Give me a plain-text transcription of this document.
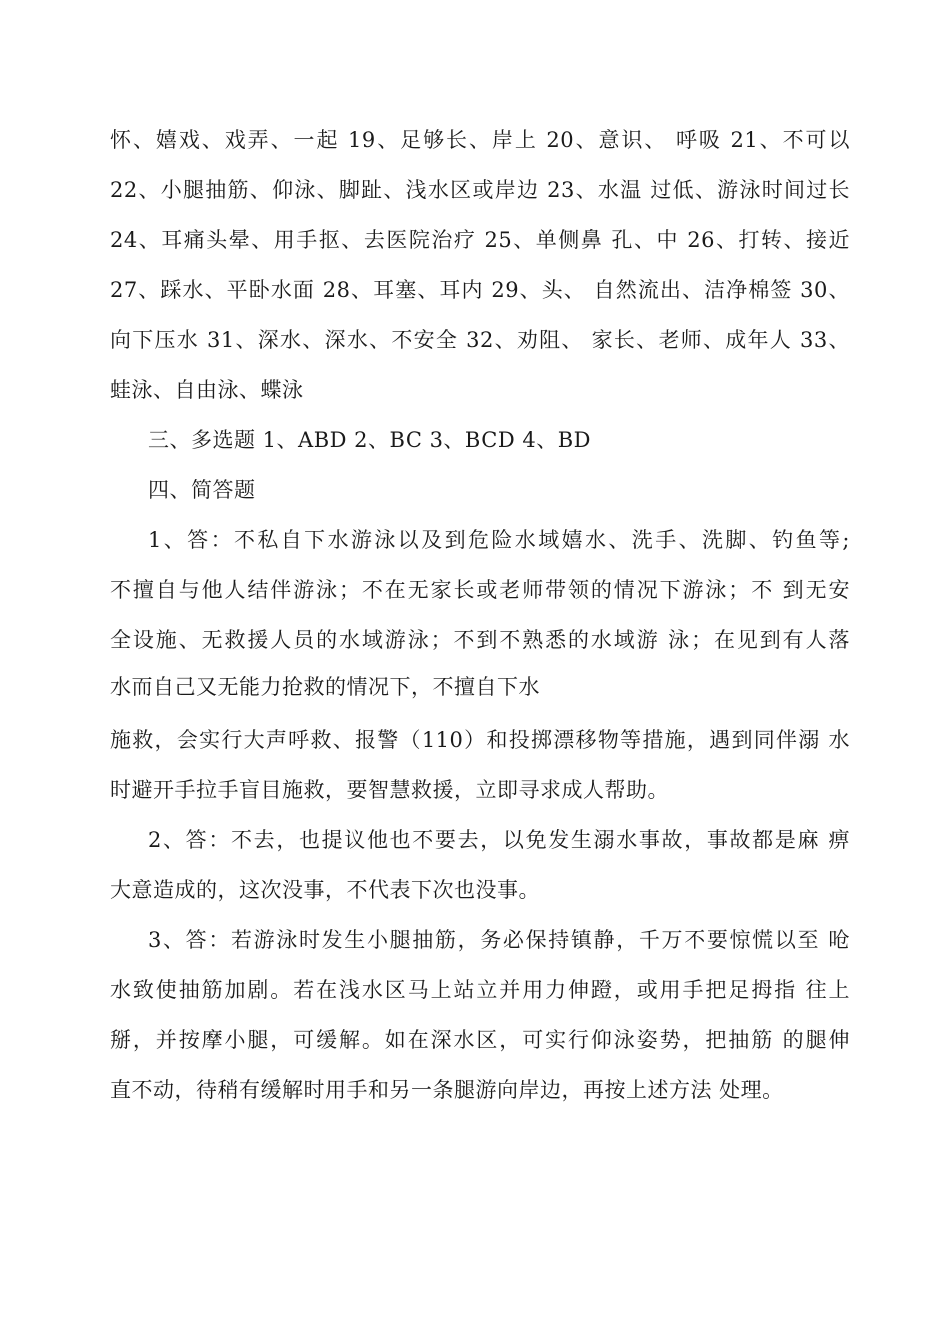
怀、嬉戏、戏弄、一起 19、足够长、岸上 20、意识、 呼吸 21、不可以
22、小腿抽筋、仰泳、脚趾、浅水区或岸边 23、水温 过低、游泳时间过长
24、耳痛头晕、用手抠、去医院治疗 25、单侧鼻 孔、中 26、打转、接近
27、踩水、平卧水面 28、耳塞、耳内 29、头、 自然流出、洁净棉签 30、
向下压水 31、深水、深水、不安全 32、劝阻、 家长、老师、成年人 33、
蛙泳、自由泳、蝶泳
三、多选题 1、ABD 2、BC 3、BCD 4、BD
四、简答题
1、答：不私自下水游泳以及到危险水域嬉水、洗手、洗脚、钓鱼等;
不擅自与他人结伴游泳；不在无家长或老师带领的情况下游泳；不 到无安
全设施、无救援人员的水域游泳；不到不熟悉的水域游 泳；在见到有人落
水而自己又无能力抢救的情况下，不擅自下水
施救，会实行大声呼救、报警（110）和投掷漂移物等措施，遇到同伴溺 水
时避开手拉手盲目施救，要智慧救援，立即寻求成人帮助。
2、答：不去，也提议他也不要去，以免发生溺水事故，事故都是麻 痹
大意造成的，这次没事，不代表下次也没事。
3、答：若游泳时发生小腿抽筋，务必保持镇静，千万不要惊慌以至 呛
水致使抽筋加剧。若在浅水区马上站立并用力伸蹬，或用手把足拇指 往上
掰，并按摩小腿，可缓解。如在深水区，可实行仰泳姿势，把抽筋 的腿伸
直不动，待稍有缓解时用手和另一条腿游向岸边，再按上述方法 处理。
